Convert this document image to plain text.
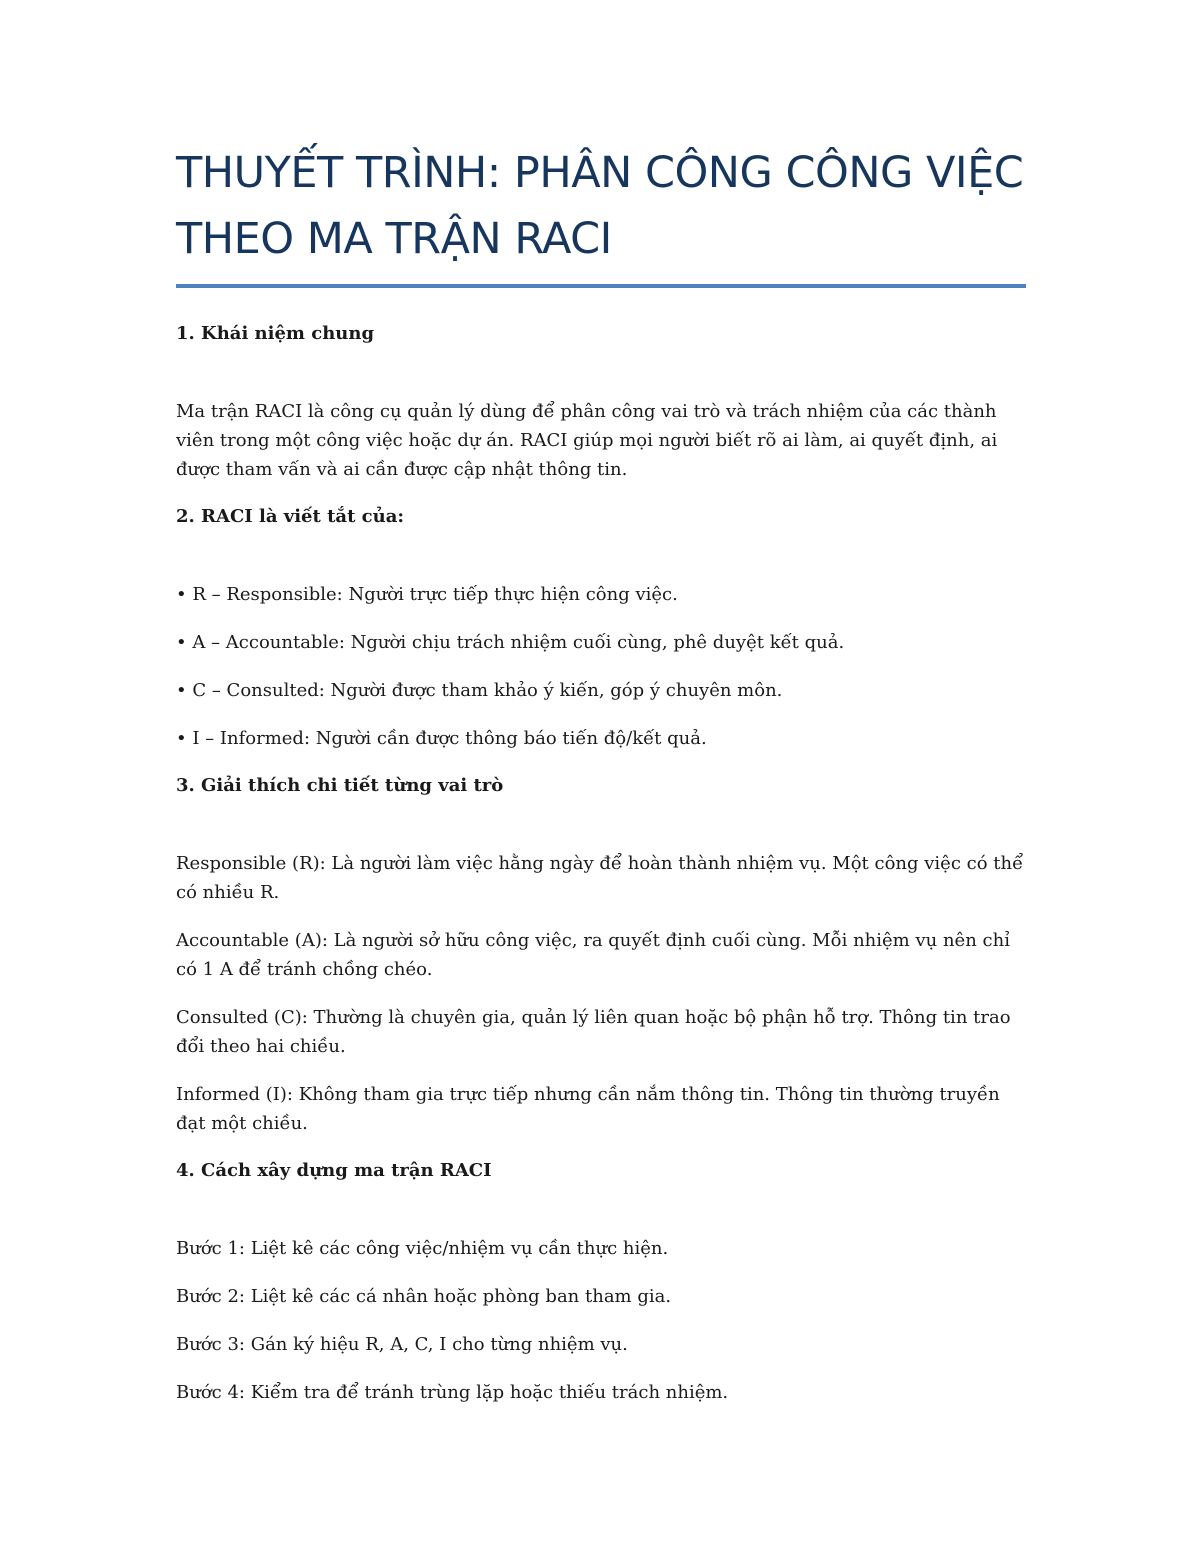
THUYẾT TRÌNH: PHÂN CÔNG CÔNG VIỆC THEO MA TRẬN RACI

1. Khái niệm chung

Ma trận RACI là công cụ quản lý dùng để phân công vai trò và trách nhiệm của các thành viên trong một công việc hoặc dự án. RACI giúp mọi người biết rõ ai làm, ai quyết định, ai được tham vấn và ai cần được cập nhật thông tin.

2. RACI là viết tắt của:

• R – Responsible: Người trực tiếp thực hiện công việc.

• A – Accountable: Người chịu trách nhiệm cuối cùng, phê duyệt kết quả.

• C – Consulted: Người được tham khảo ý kiến, góp ý chuyên môn.

• I – Informed: Người cần được thông báo tiến độ/kết quả.

3. Giải thích chi tiết từng vai trò

Responsible (R): Là người làm việc hằng ngày để hoàn thành nhiệm vụ. Một công việc có thể có nhiều R.

Accountable (A): Là người sở hữu công việc, ra quyết định cuối cùng. Mỗi nhiệm vụ nên chỉ có 1 A để tránh chồng chéo.

Consulted (C): Thường là chuyên gia, quản lý liên quan hoặc bộ phận hỗ trợ. Thông tin trao đổi theo hai chiều.

Informed (I): Không tham gia trực tiếp nhưng cần nắm thông tin. Thông tin thường truyền đạt một chiều.

4. Cách xây dựng ma trận RACI

Bước 1: Liệt kê các công việc/nhiệm vụ cần thực hiện.

Bước 2: Liệt kê các cá nhân hoặc phòng ban tham gia.

Bước 3: Gán ký hiệu R, A, C, I cho từng nhiệm vụ.

Bước 4: Kiểm tra để tránh trùng lặp hoặc thiếu trách nhiệm.
